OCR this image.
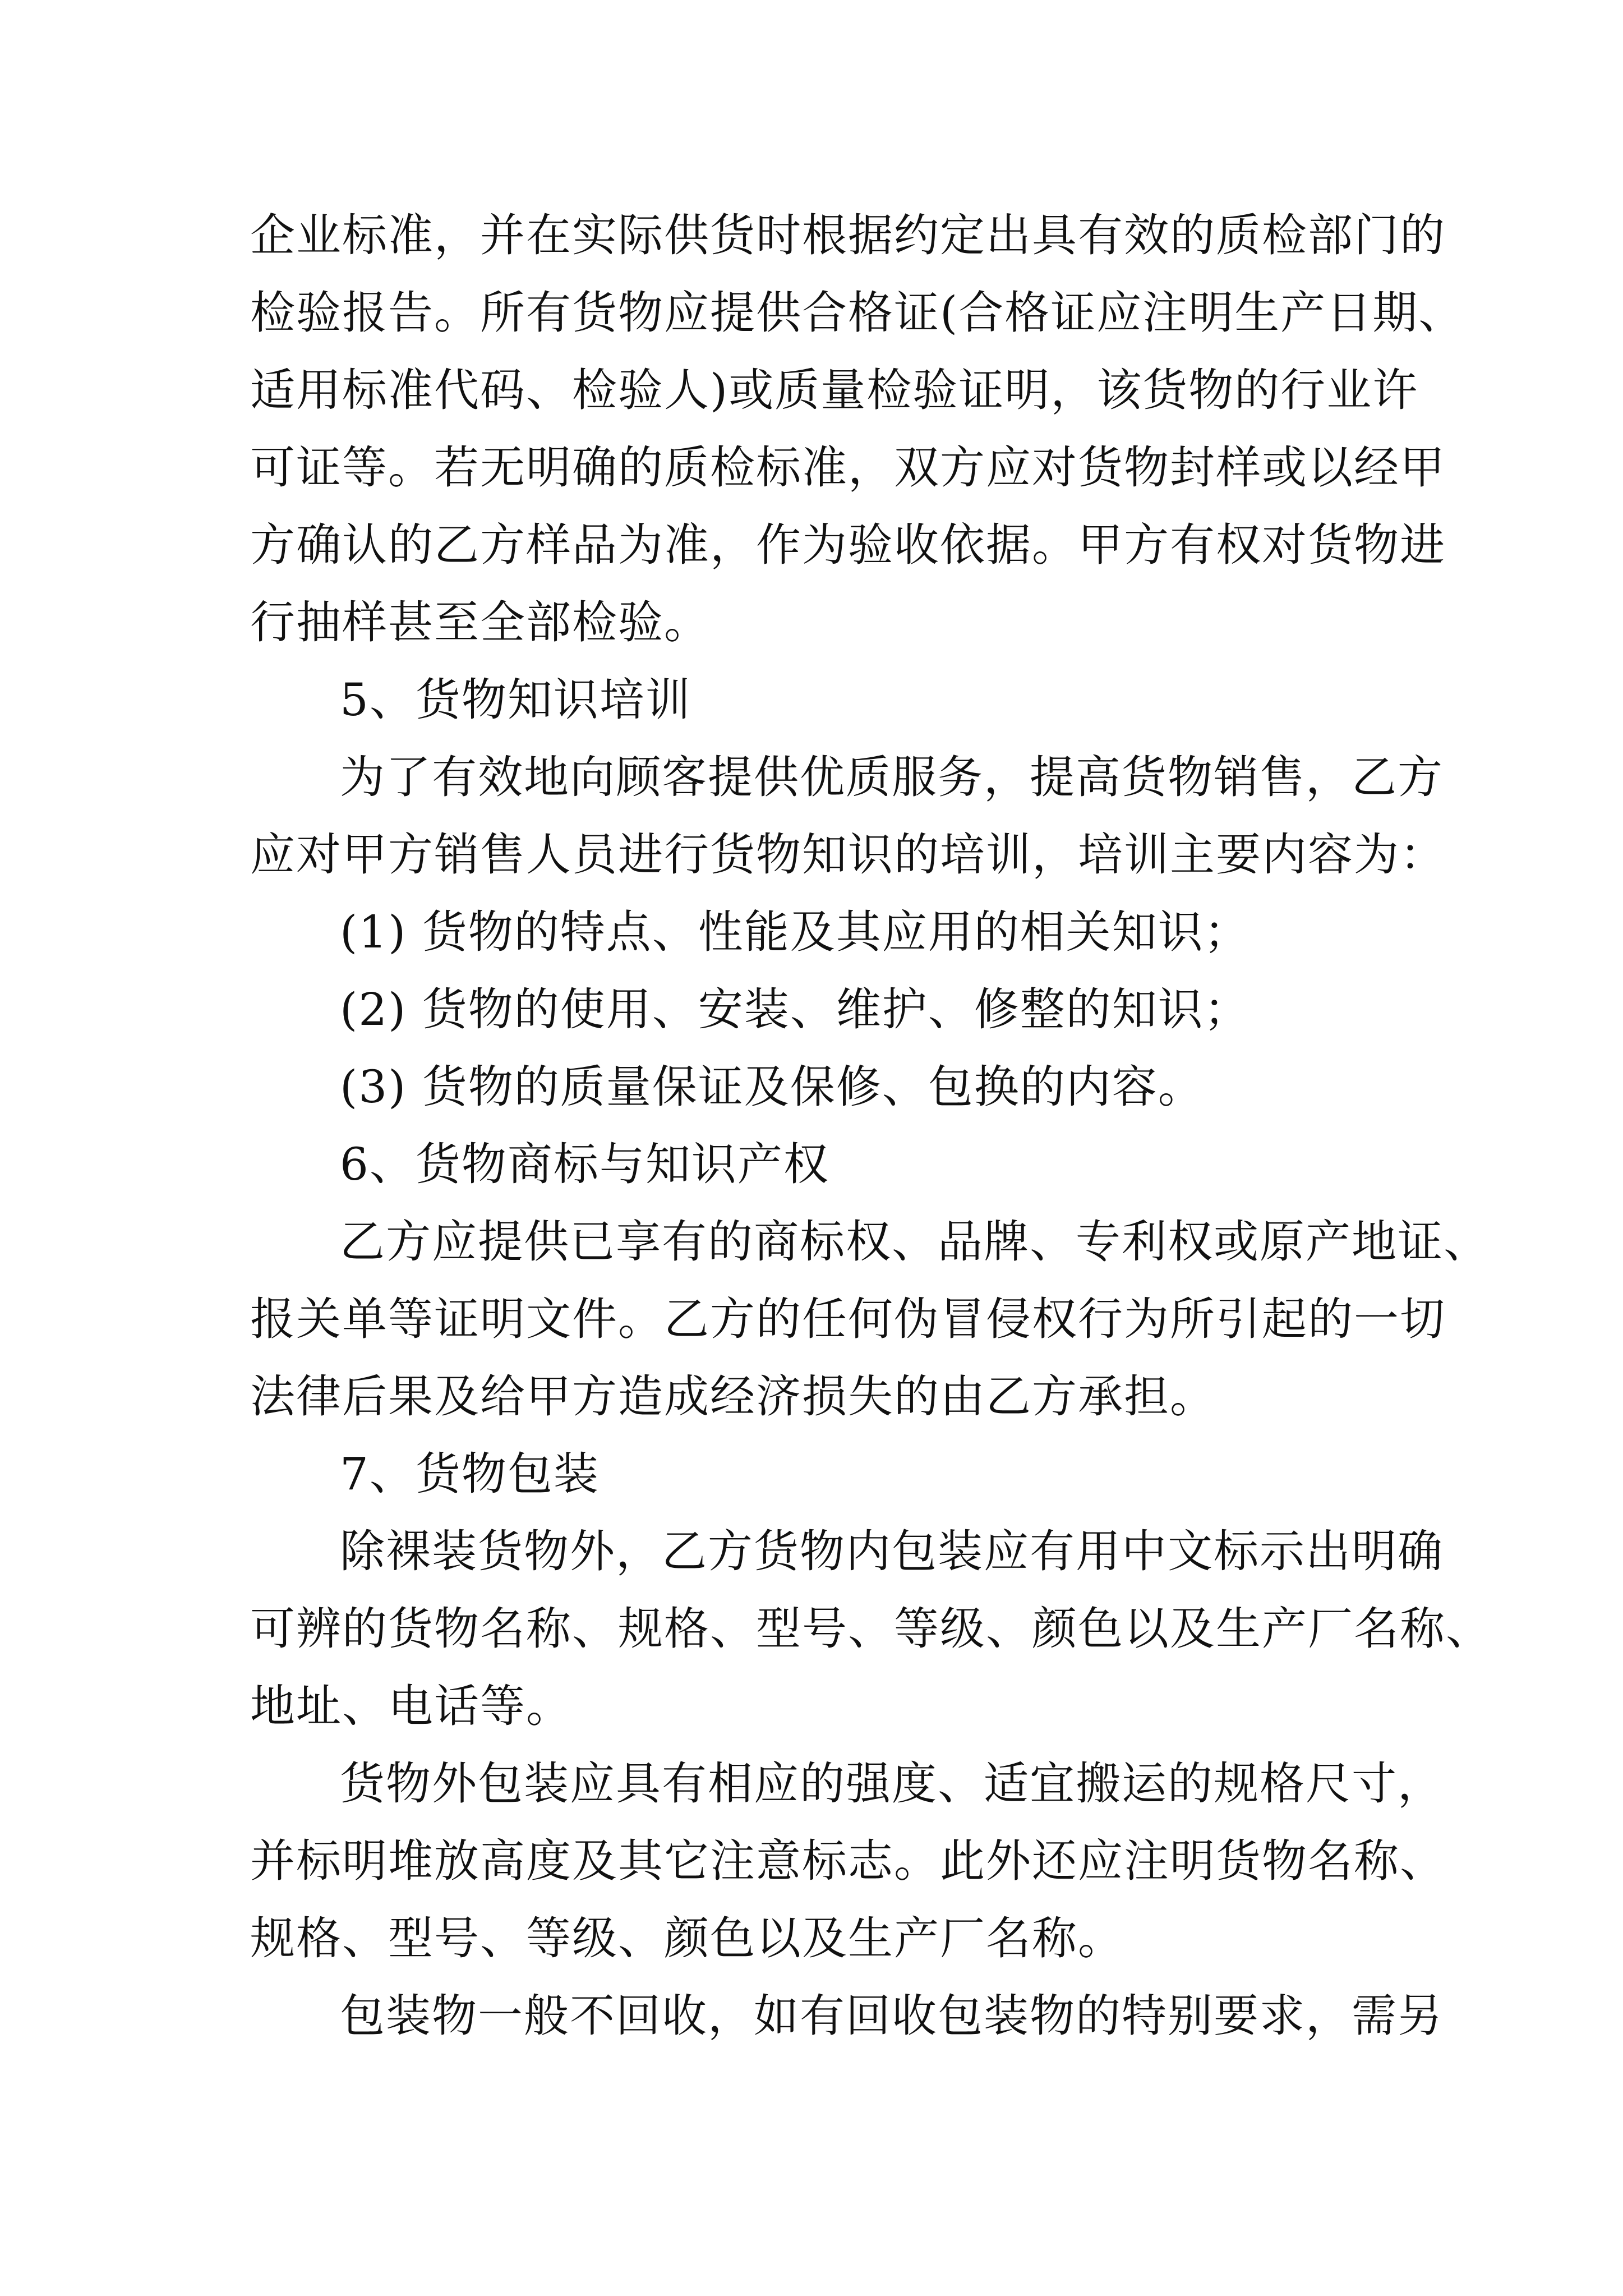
企业标准，并在实际供货时根据约定出具有效的质检部门的
检验报告。所有货物应提供合格证(合格证应注明生产日期、
适用标准代码、检验人)或质量检验证明，该货物的行业许
可证等。若无明确的质检标准，双方应对货物封样或以经甲
方确认的乙方样品为准，作为验收依据。甲方有权对货物进
行抽样甚至全部检验。
5、货物知识培训
为了有效地向顾客提供优质服务，提高货物销售，乙方
应对甲方销售人员进行货物知识的培训，培训主要内容为：
(1) 货物的特点、性能及其应用的相关知识；
(2) 货物的使用、安装、维护、修整的知识；
(3) 货物的质量保证及保修、包换的内容。
6、货物商标与知识产权
乙方应提供已享有的商标权、品牌、专利权或原产地证、
报关单等证明文件。乙方的任何伪冒侵权行为所引起的一切
法律后果及给甲方造成经济损失的由乙方承担。
7、货物包装
除裸装货物外，乙方货物内包装应有用中文标示出明确
可辨的货物名称、规格、型号、等级、颜色以及生产厂名称、
地址、电话等。
货物外包装应具有相应的强度、适宜搬运的规格尺寸，
并标明堆放高度及其它注意标志。此外还应注明货物名称、
规格、型号、等级、颜色以及生产厂名称。
包装物一般不回收，如有回收包装物的特别要求，需另
